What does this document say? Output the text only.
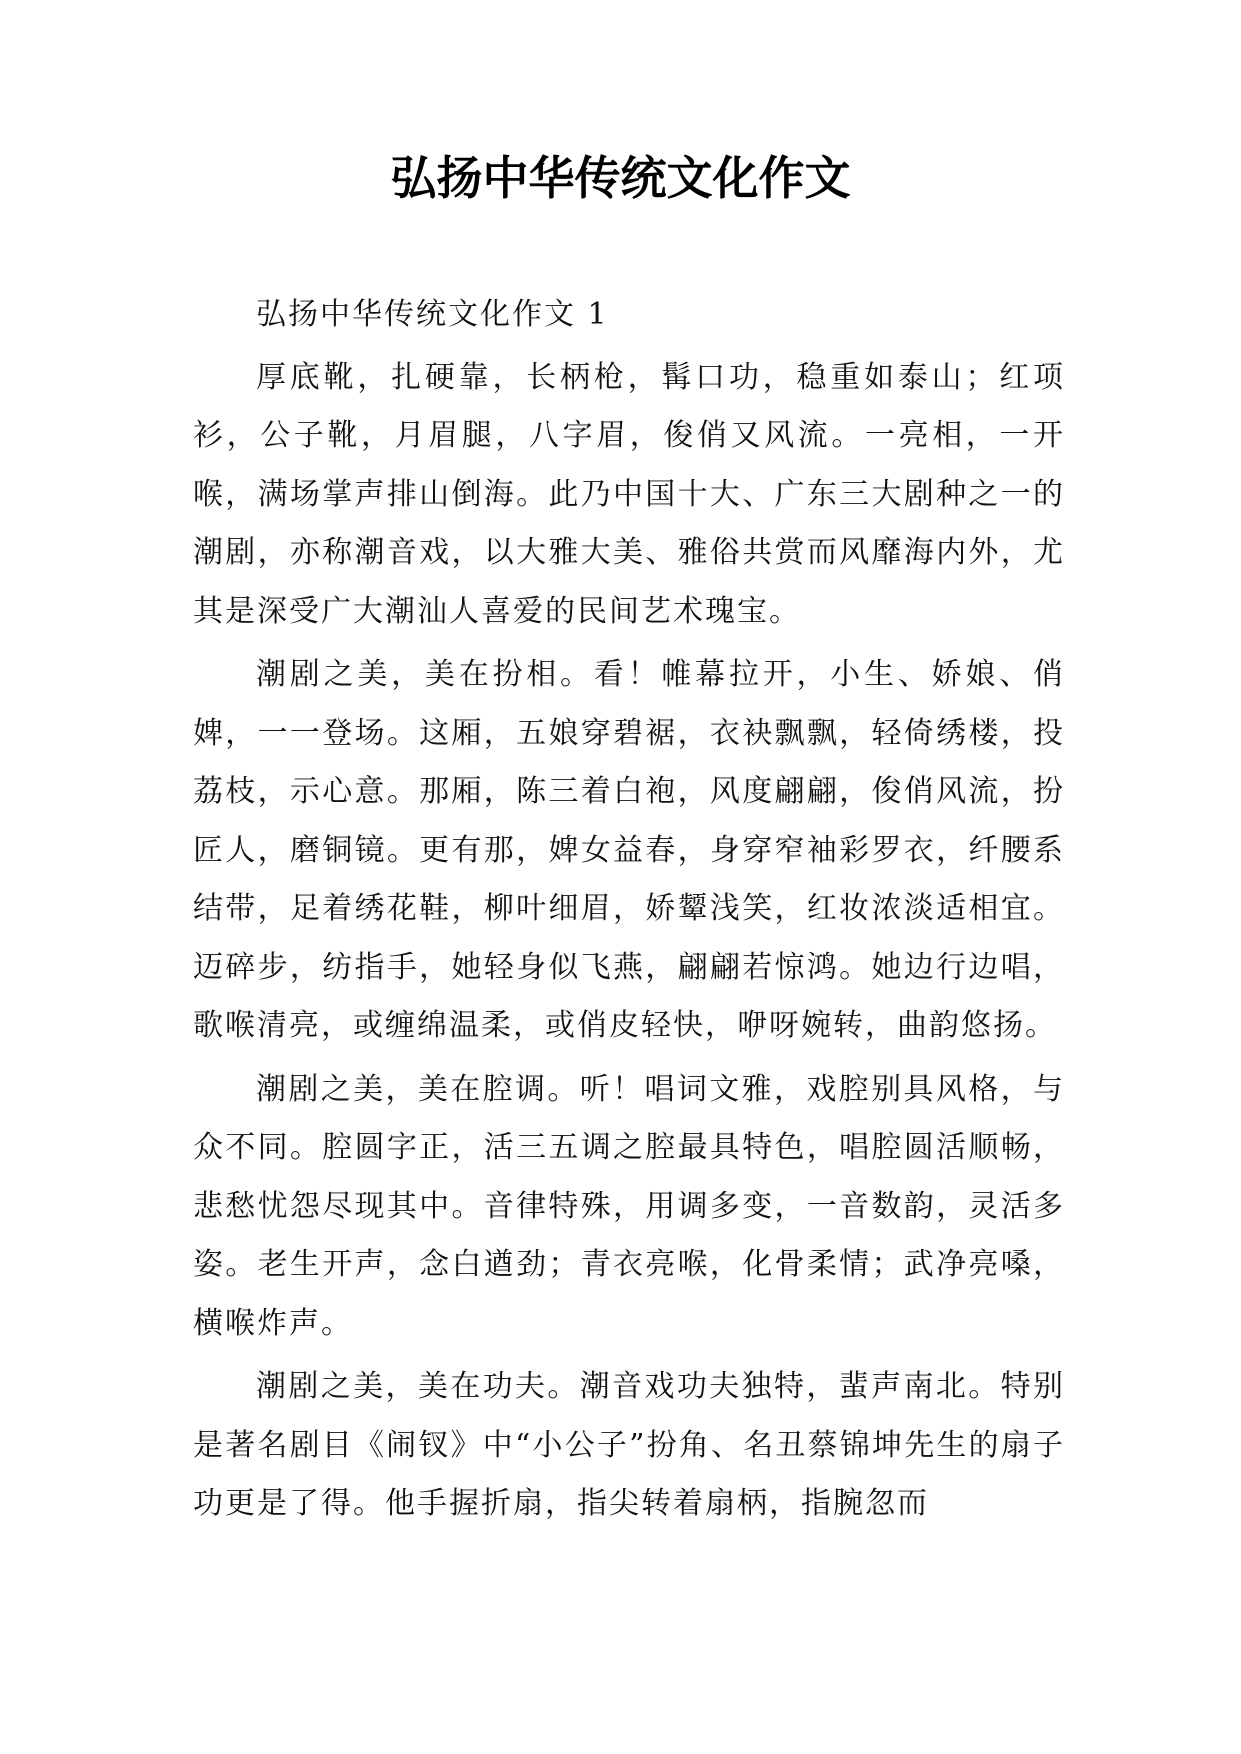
弘扬中华传统文化作文

弘扬中华传统文化作文 1

厚底靴，扎硬靠，长柄枪，髯口功，稳重如泰山；红项衫，公子靴，月眉腿，八字眉，俊俏又风流。一亮相，一开喉，满场掌声排山倒海。此乃中国十大、广东三大剧种之一的潮剧，亦称潮音戏，以大雅大美、雅俗共赏而风靡海内外，尤其是深受广大潮汕人喜爱的民间艺术瑰宝。

潮剧之美，美在扮相。看！帷幕拉开，小生、娇娘、俏婢，一一登场。这厢，五娘穿碧裾，衣袂飘飘，轻倚绣楼，投荔枝，示心意。那厢，陈三着白袍，风度翩翩，俊俏风流，扮匠人，磨铜镜。更有那，婢女益春，身穿窄袖彩罗衣，纤腰系结带，足着绣花鞋，柳叶细眉，娇颦浅笑，红妆浓淡适相宜。迈碎步，纺指手，她轻身似飞燕，翩翩若惊鸿。她边行边唱，歌喉清亮，或缠绵温柔，或俏皮轻快，咿呀婉转，曲韵悠扬。

潮剧之美，美在腔调。听！唱词文雅，戏腔别具风格，与众不同。腔圆字正，活三五调之腔最具特色，唱腔圆活顺畅，悲愁忧怨尽现其中。音律特殊，用调多变，一音数韵，灵活多姿。老生开声，念白遒劲；青衣亮喉，化骨柔情；武净亮嗓，横喉炸声。

潮剧之美，美在功夫。潮音戏功夫独特，蜚声南北。特别是著名剧目《闹钗》中“小公子”扮角、名丑蔡锦坤先生的扇子功更是了得。他手握折扇，指尖转着扇柄，指腕忽而
